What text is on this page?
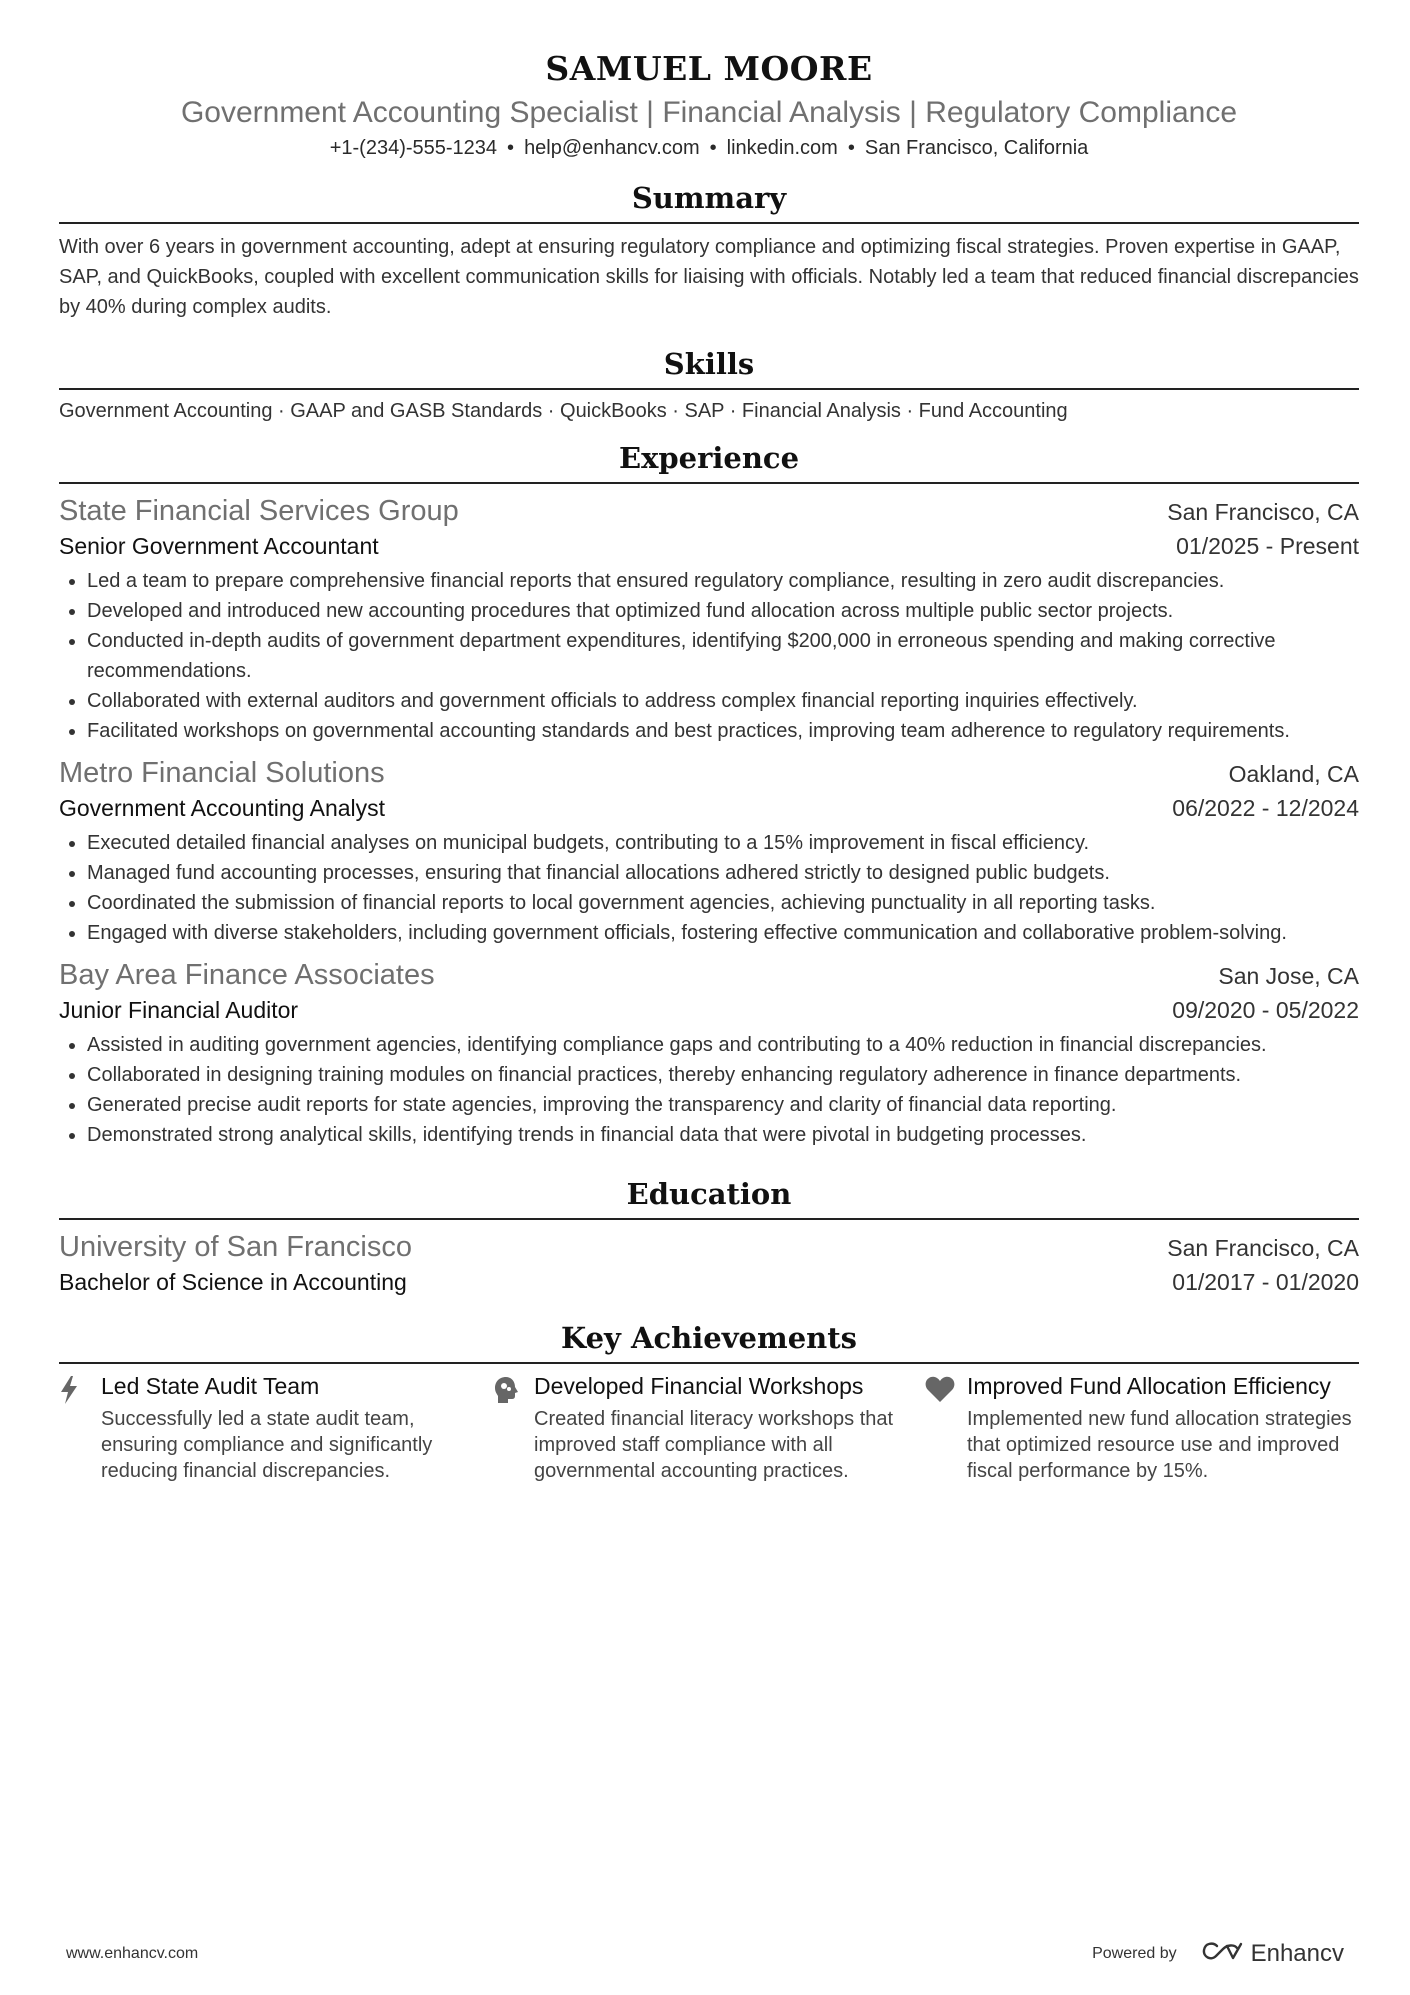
SAMUEL MOORE
Government Accounting Specialist | Financial Analysis | Regulatory Compliance
+1-(234)-555-1234 • help@enhancv.com • linkedin.com • San Francisco, California
Summary
With over 6 years in government accounting, adept at ensuring regulatory compliance and optimizing fiscal strategies. Proven expertise in GAAP, SAP, and QuickBooks, coupled with excellent communication skills for liaising with officials. Notably led a team that reduced financial discrepancies by 40% during complex audits.
Skills
Government Accounting · GAAP and GASB Standards · QuickBooks · SAP · Financial Analysis · Fund Accounting
Experience
State Financial Services Group	San Francisco, CA
Senior Government Accountant	01/2025 - Present
• Led a team to prepare comprehensive financial reports that ensured regulatory compliance, resulting in zero audit discrepancies.
• Developed and introduced new accounting procedures that optimized fund allocation across multiple public sector projects.
• Conducted in-depth audits of government department expenditures, identifying $200,000 in erroneous spending and making corrective recommendations.
• Collaborated with external auditors and government officials to address complex financial reporting inquiries effectively.
• Facilitated workshops on governmental accounting standards and best practices, improving team adherence to regulatory requirements.
Metro Financial Solutions	Oakland, CA
Government Accounting Analyst	06/2022 - 12/2024
• Executed detailed financial analyses on municipal budgets, contributing to a 15% improvement in fiscal efficiency.
• Managed fund accounting processes, ensuring that financial allocations adhered strictly to designed public budgets.
• Coordinated the submission of financial reports to local government agencies, achieving punctuality in all reporting tasks.
• Engaged with diverse stakeholders, including government officials, fostering effective communication and collaborative problem-solving.
Bay Area Finance Associates	San Jose, CA
Junior Financial Auditor	09/2020 - 05/2022
• Assisted in auditing government agencies, identifying compliance gaps and contributing to a 40% reduction in financial discrepancies.
• Collaborated in designing training modules on financial practices, thereby enhancing regulatory adherence in finance departments.
• Generated precise audit reports for state agencies, improving the transparency and clarity of financial data reporting.
• Demonstrated strong analytical skills, identifying trends in financial data that were pivotal in budgeting processes.
Education
University of San Francisco	San Francisco, CA
Bachelor of Science in Accounting	01/2017 - 01/2020
Key Achievements
Led State Audit Team
Successfully led a state audit team, ensuring compliance and significantly reducing financial discrepancies.
Developed Financial Workshops
Created financial literacy workshops that improved staff compliance with all governmental accounting practices.
Improved Fund Allocation Efficiency
Implemented new fund allocation strategies that optimized resource use and improved fiscal performance by 15%.
www.enhancv.com	Powered by	Enhancv
